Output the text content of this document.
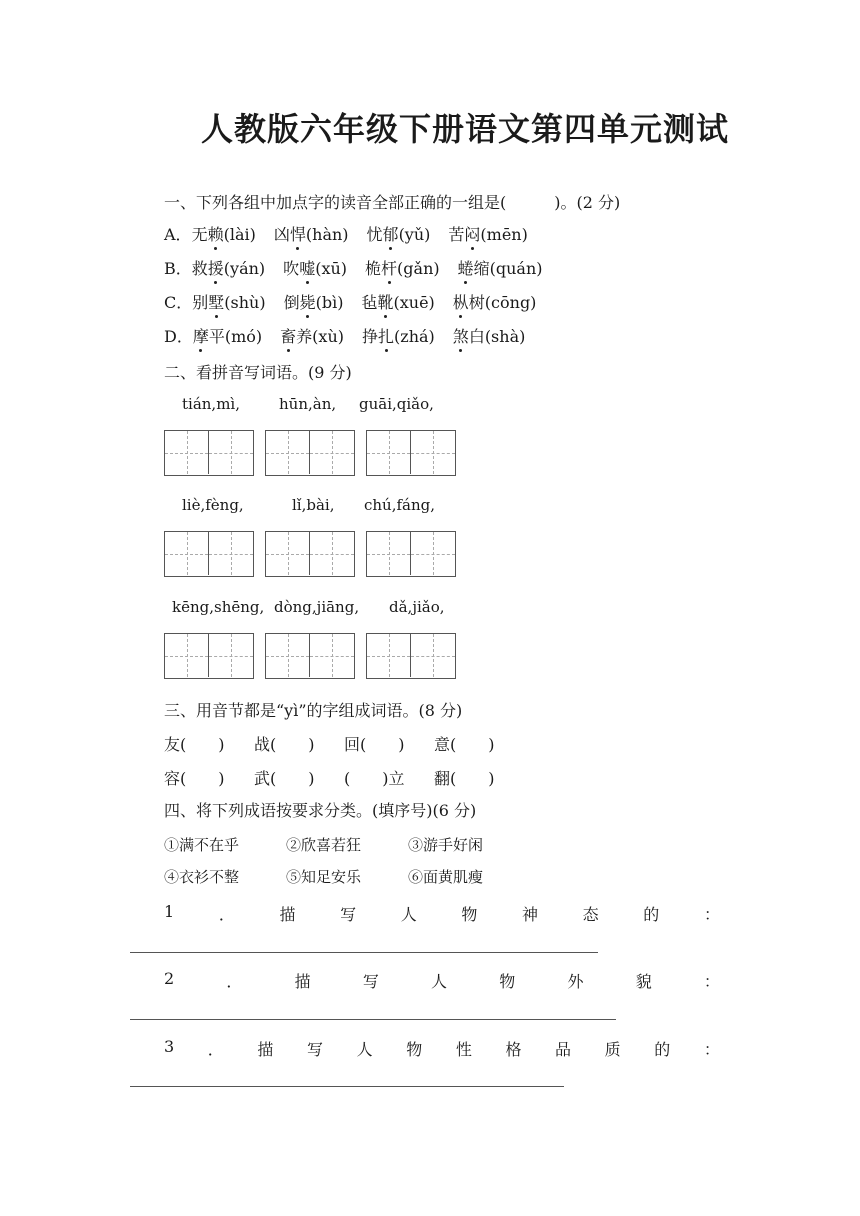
人教版六年级下册语文第四单元测试
一、下列各组中加点字的读音全部正确的一组是(　　　)。(2 分)
A．无赖(lài) 凶悍(hàn) 忧郁(yǔ) 苦闷(mēn)
B．救援(yán) 吹嘘(xū) 桅杆(gǎn) 蜷缩(quán)
C．别墅(shù) 倒毙(bì) 毡靴(xuē) 枞树(cōng)
D．摩平(mó) 畜养(xù) 挣扎(zhá) 煞白(shà)
二、看拼音写词语。(9 分)
tián,mì,	hūn,àn, guāi,qiǎo,
liè,fèng,	lǐ,bài, chú,fáng,
kēng,shēng, dòng,jiāng, dǎ,jiǎo,
三、用音节都是“yì”的字组成词语。(8 分)
友(　　) 战(　　) 回(　　) 意(　　)
容(　　) 武(　　) (　　)立 翻(　　)
四、将下列成语按要求分类。(填序号)(6 分)
①满不在乎	②欣喜若狂	③游手好闲
④衣衫不整	⑤知足安乐	⑥面黄肌瘦
1	．	描	写	人	物	神	态	的	：
2	．	描	写	人	物	外	貌	：
3 ． 描 写 人 物 性 格 品 质 的 ：
